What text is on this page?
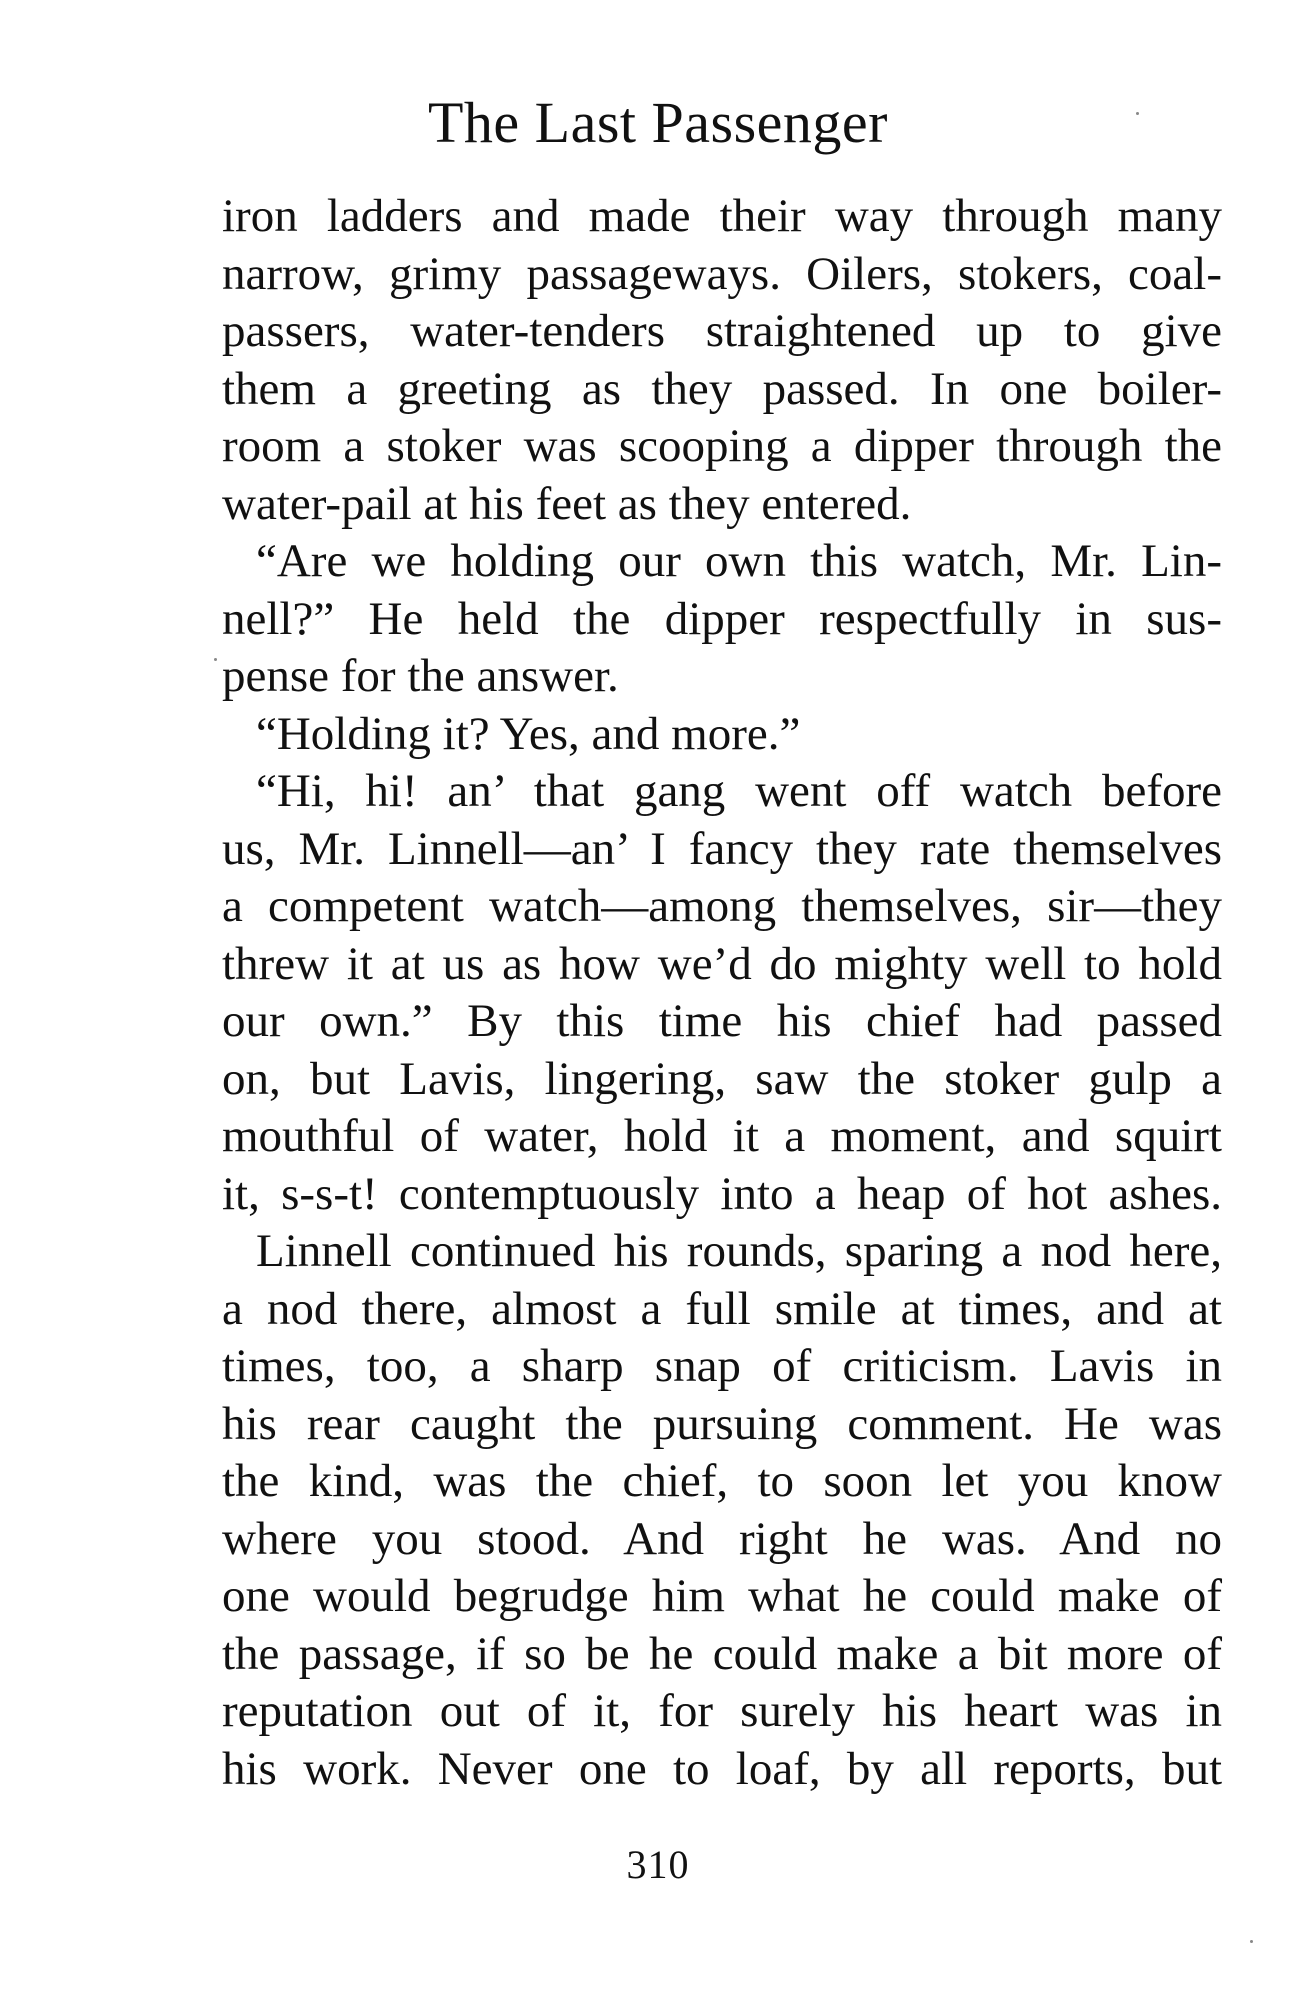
The Last Passenger
iron ladders and made their way through many
narrow, grimy passageways. Oilers, stokers, coal-
passers, water-tenders straightened up to give
them a greeting as they passed. In one boiler-
room a stoker was scooping a dipper through the
water-pail at his feet as they entered.
“Are we holding our own this watch, Mr. Lin-
nell?” He held the dipper respectfully in sus-
pense for the answer.
“Holding it? Yes, and more.”
“Hi, hi! an’ that gang went off watch before
us, Mr. Linnell—an’ I fancy they rate themselves
a competent watch—among themselves, sir—they
threw it at us as how we’d do mighty well to hold
our own.” By this time his chief had passed
on, but Lavis, lingering, saw the stoker gulp a
mouthful of water, hold it a moment, and squirt
it, s-s-t! contemptuously into a heap of hot ashes.
Linnell continued his rounds, sparing a nod here,
a nod there, almost a full smile at times, and at
times, too, a sharp snap of criticism. Lavis in
his rear caught the pursuing comment. He was
the kind, was the chief, to soon let you know
where you stood. And right he was. And no
one would begrudge him what he could make of
the passage, if so be he could make a bit more of
reputation out of it, for surely his heart was in
his work. Never one to loaf, by all reports, but
310
